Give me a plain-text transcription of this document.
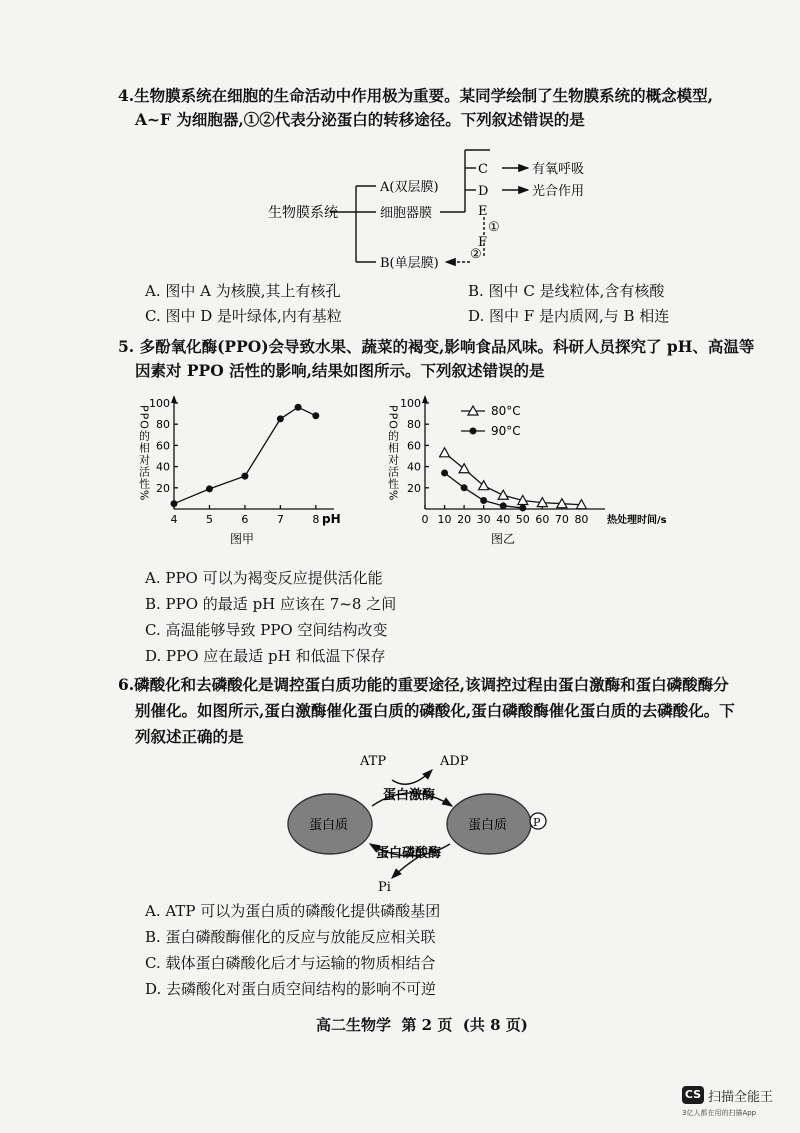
4.生物膜系统在细胞的生命活动中作用极为重要。某同学绘制了生物膜系统的概念模型,
A~F 为细胞器,①②代表分泌蛋白的转移途径。下列叙述错误的是
生物膜系统
A(双层膜)
细胞器膜
B(单层膜)
C	有氧呼吸
D	光合作用
E
①
F
②
A. 图中 A 为核膜,其上有核孔	B. 图中 C 是线粒体,含有核酸
C. 图中 D 是叶绿体,内有基粒	D. 图中 F 是内质网,与 B 相连
5. 多酚氧化酶(PPO)会导致水果、蔬菜的褐变,影响食品风味。科研人员探究了 pH、高温等
因素对 PPO 活性的影响,结果如图所示。下列叙述错误的是
20
40
60
80
100
4	5	6	7	8 pH
PPO的相对活性%
图甲
20
40
60
80
100
0 10 20 30 40 50 60 70 80 热处理时间/s
PPO的相对活性%
图乙
80°C
90°C
A. PPO 可以为褐变反应提供活化能
B. PPO 的最适 pH 应该在 7~8 之间
C. 高温能够导致 PPO 空间结构改变
D. PPO 应在最适 pH 和低温下保存
6.磷酸化和去磷酸化是调控蛋白质功能的重要途径,该调控过程由蛋白激酶和蛋白磷酸酶分
别催化。如图所示,蛋白激酶催化蛋白质的磷酸化,蛋白磷酸酶催化蛋白质的去磷酸化。下
列叙述正确的是
ATP	ADP
蛋白激酶
蛋白磷酸酶
蛋白质	蛋白质 P
Pi
A. ATP 可以为蛋白质的磷酸化提供磷酸基团
B. 蛋白磷酸酶催化的反应与放能反应相关联
C. 载体蛋白磷酸化后才与运输的物质相结合
D. 去磷酸化对蛋白质空间结构的影响不可逆
高二生物学  第 2 页  (共 8 页)
CS 扫描全能王
3亿人都在用的扫描App
